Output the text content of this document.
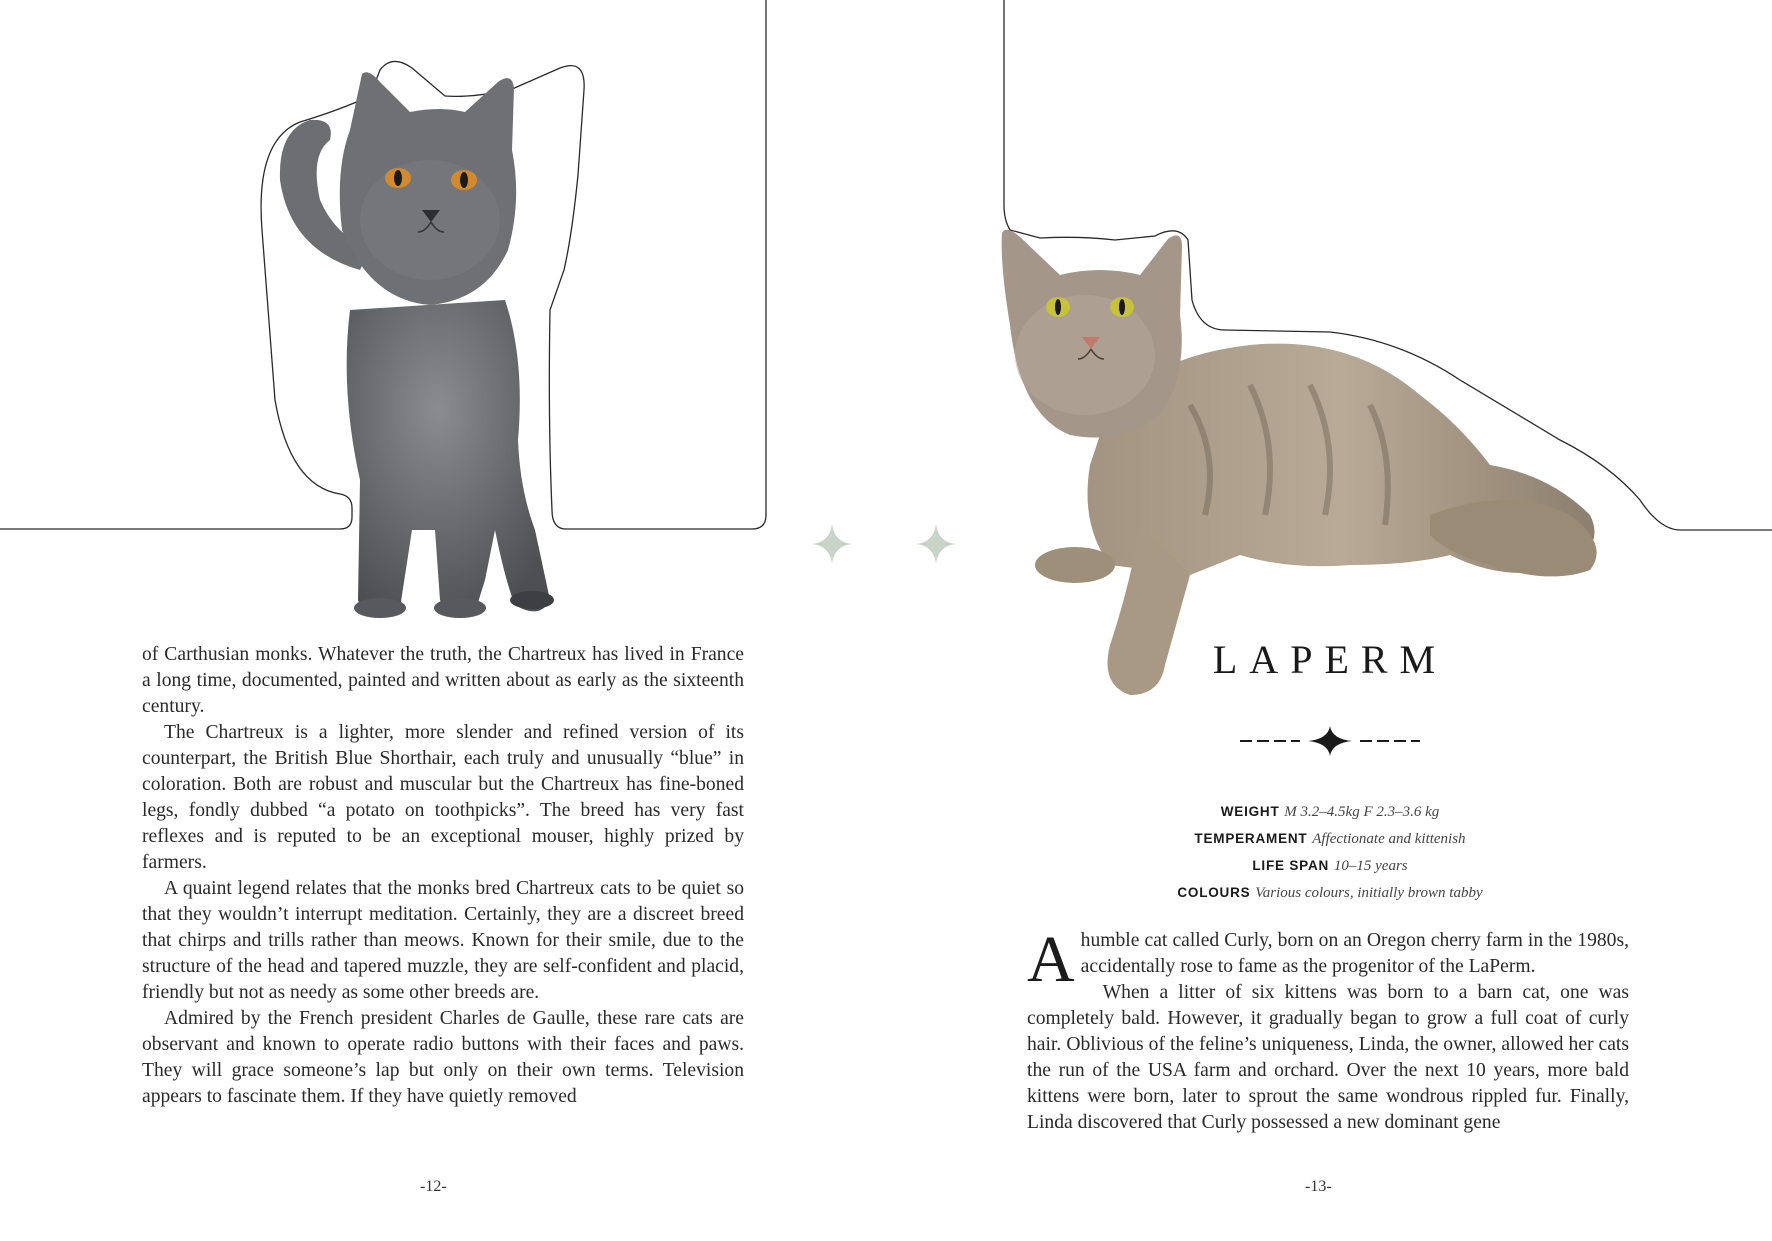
of Carthusian monks. Whatever the truth, the Chartreux has lived in France a long time, documented, painted and written about as early as the sixteenth century.

The Chartreux is a lighter, more slender and refined version of its counterpart, the British Blue Shorthair, each truly and unusually “blue” in coloration. Both are robust and muscular but the Chartreux has fine-boned legs, fondly dubbed “a potato on toothpicks”. The breed has very fast reflexes and is reputed to be an exceptional mouser, highly prized by farmers.

A quaint legend relates that the monks bred Chartreux cats to be quiet so that they wouldn’t interrupt meditation. Certainly, they are a discreet breed that chirps and trills rather than meows. Known for their smile, due to the structure of the head and tapered muzzle, they are self-confident and placid, friendly but not as needy as some other breeds are.

Admired by the French president Charles de Gaulle, these rare cats are observant and known to operate radio buttons with their faces and paws. They will grace someone’s lap but only on their own terms. Television appears to fascinate them. If they have quietly removed

-12-
LAPERM
WEIGHT M 3.2–4.5kg F 2.3–3.6 kg
TEMPERAMENT Affectionate and kittenish
LIFE SPAN 10–15 years
COLOURS Various colours, initially brown tabby

A humble cat called Curly, born on an Oregon cherry farm in the 1980s, accidentally rose to fame as the progenitor of the LaPerm.

When a litter of six kittens was born to a barn cat, one was completely bald. However, it gradually began to grow a full coat of curly hair. Oblivious of the feline’s uniqueness, Linda, the owner, allowed her cats the run of the USA farm and orchard. Over the next 10 years, more bald kittens were born, later to sprout the same wondrous rippled fur. Finally, Linda discovered that Curly possessed a new dominant gene

-13-
